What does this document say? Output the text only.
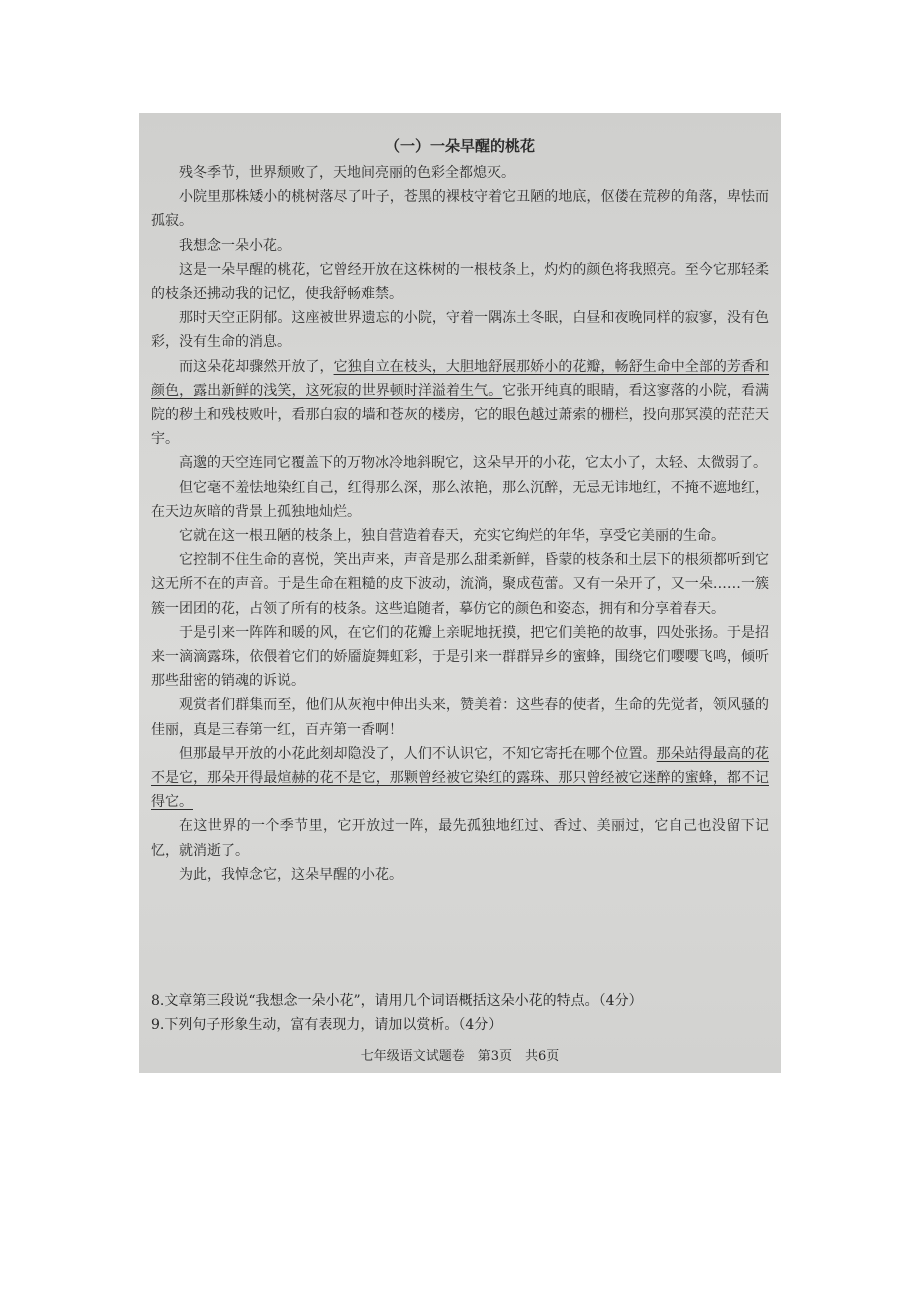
（一）一朵早醒的桃花

残冬季节，世界颓败了，天地间亮丽的色彩全都熄灭。

小院里那株矮小的桃树落尽了叶子，苍黑的裸枝守着它丑陋的地底，伛偻在荒秽的角落，卑怯而孤寂。

我想念一朵小花。

这是一朵早醒的桃花，它曾经开放在这株树的一根枝条上，灼灼的颜色将我照亮。至今它那轻柔的枝条还拂动我的记忆，使我舒畅难禁。

那时天空正阴郁。这座被世界遗忘的小院，守着一隅冻土冬眠，白昼和夜晚同样的寂寥，没有色彩，没有生命的消息。

而这朵花却骤然开放了，它独自立在枝头，大胆地舒展那娇小的花瓣，畅舒生命中全部的芳香和颜色，露出新鲜的浅笑，这死寂的世界顿时洋溢着生气。它张开纯真的眼睛，看这寥落的小院，看满院的秽土和残枝败叶，看那白寂的墙和苍灰的楼房，它的眼色越过萧索的栅栏，投向那冥漠的茫茫天宇。

高邈的天空连同它覆盖下的万物冰冷地斜睨它，这朵早开的小花，它太小了，太轻、太微弱了。

但它毫不羞怯地染红自己，红得那么深，那么浓艳，那么沉醉，无忌无讳地红，不掩不遮地红，在天边灰暗的背景上孤独地灿烂。

它就在这一根丑陋的枝条上，独自营造着春天，充实它绚烂的年华，享受它美丽的生命。

它控制不住生命的喜悦，笑出声来，声音是那么甜柔新鲜，昏蒙的枝条和土层下的根须都听到它这无所不在的声音。于是生命在粗糙的皮下波动，流淌，聚成苞蕾。又有一朵开了，又一朵……一簇簇一团团的花，占领了所有的枝条。这些追随者，摹仿它的颜色和姿态，拥有和分享着春天。

于是引来一阵阵和暖的风，在它们的花瓣上亲昵地抚摸，把它们美艳的故事，四处张扬。于是招来一滴滴露珠，依偎着它们的娇靥旋舞虹彩，于是引来一群群异乡的蜜蜂，围绕它们嘤嘤飞鸣，倾听那些甜密的销魂的诉说。

观赏者们群集而至，他们从灰袍中伸出头来，赞美着：这些春的使者，生命的先觉者，领风骚的佳丽，真是三春第一红，百卉第一香啊！

但那最早开放的小花此刻却隐没了，人们不认识它，不知它寄托在哪个位置。那朵站得最高的花不是它，那朵开得最煊赫的花不是它，那颗曾经被它染红的露珠、那只曾经被它迷醉的蜜蜂，都不记得它。

在这世界的一个季节里，它开放过一阵，最先孤独地红过、香过、美丽过，它自己也没留下记忆，就消逝了。

为此，我悼念它，这朵早醒的小花。

8.文章第三段说“我想念一朵小花”，请用几个词语概括这朵小花的特点。（4分）

9.下列句子形象生动，富有表现力，请加以赏析。（4分）

七年级语文试题卷　第3页　共6页
